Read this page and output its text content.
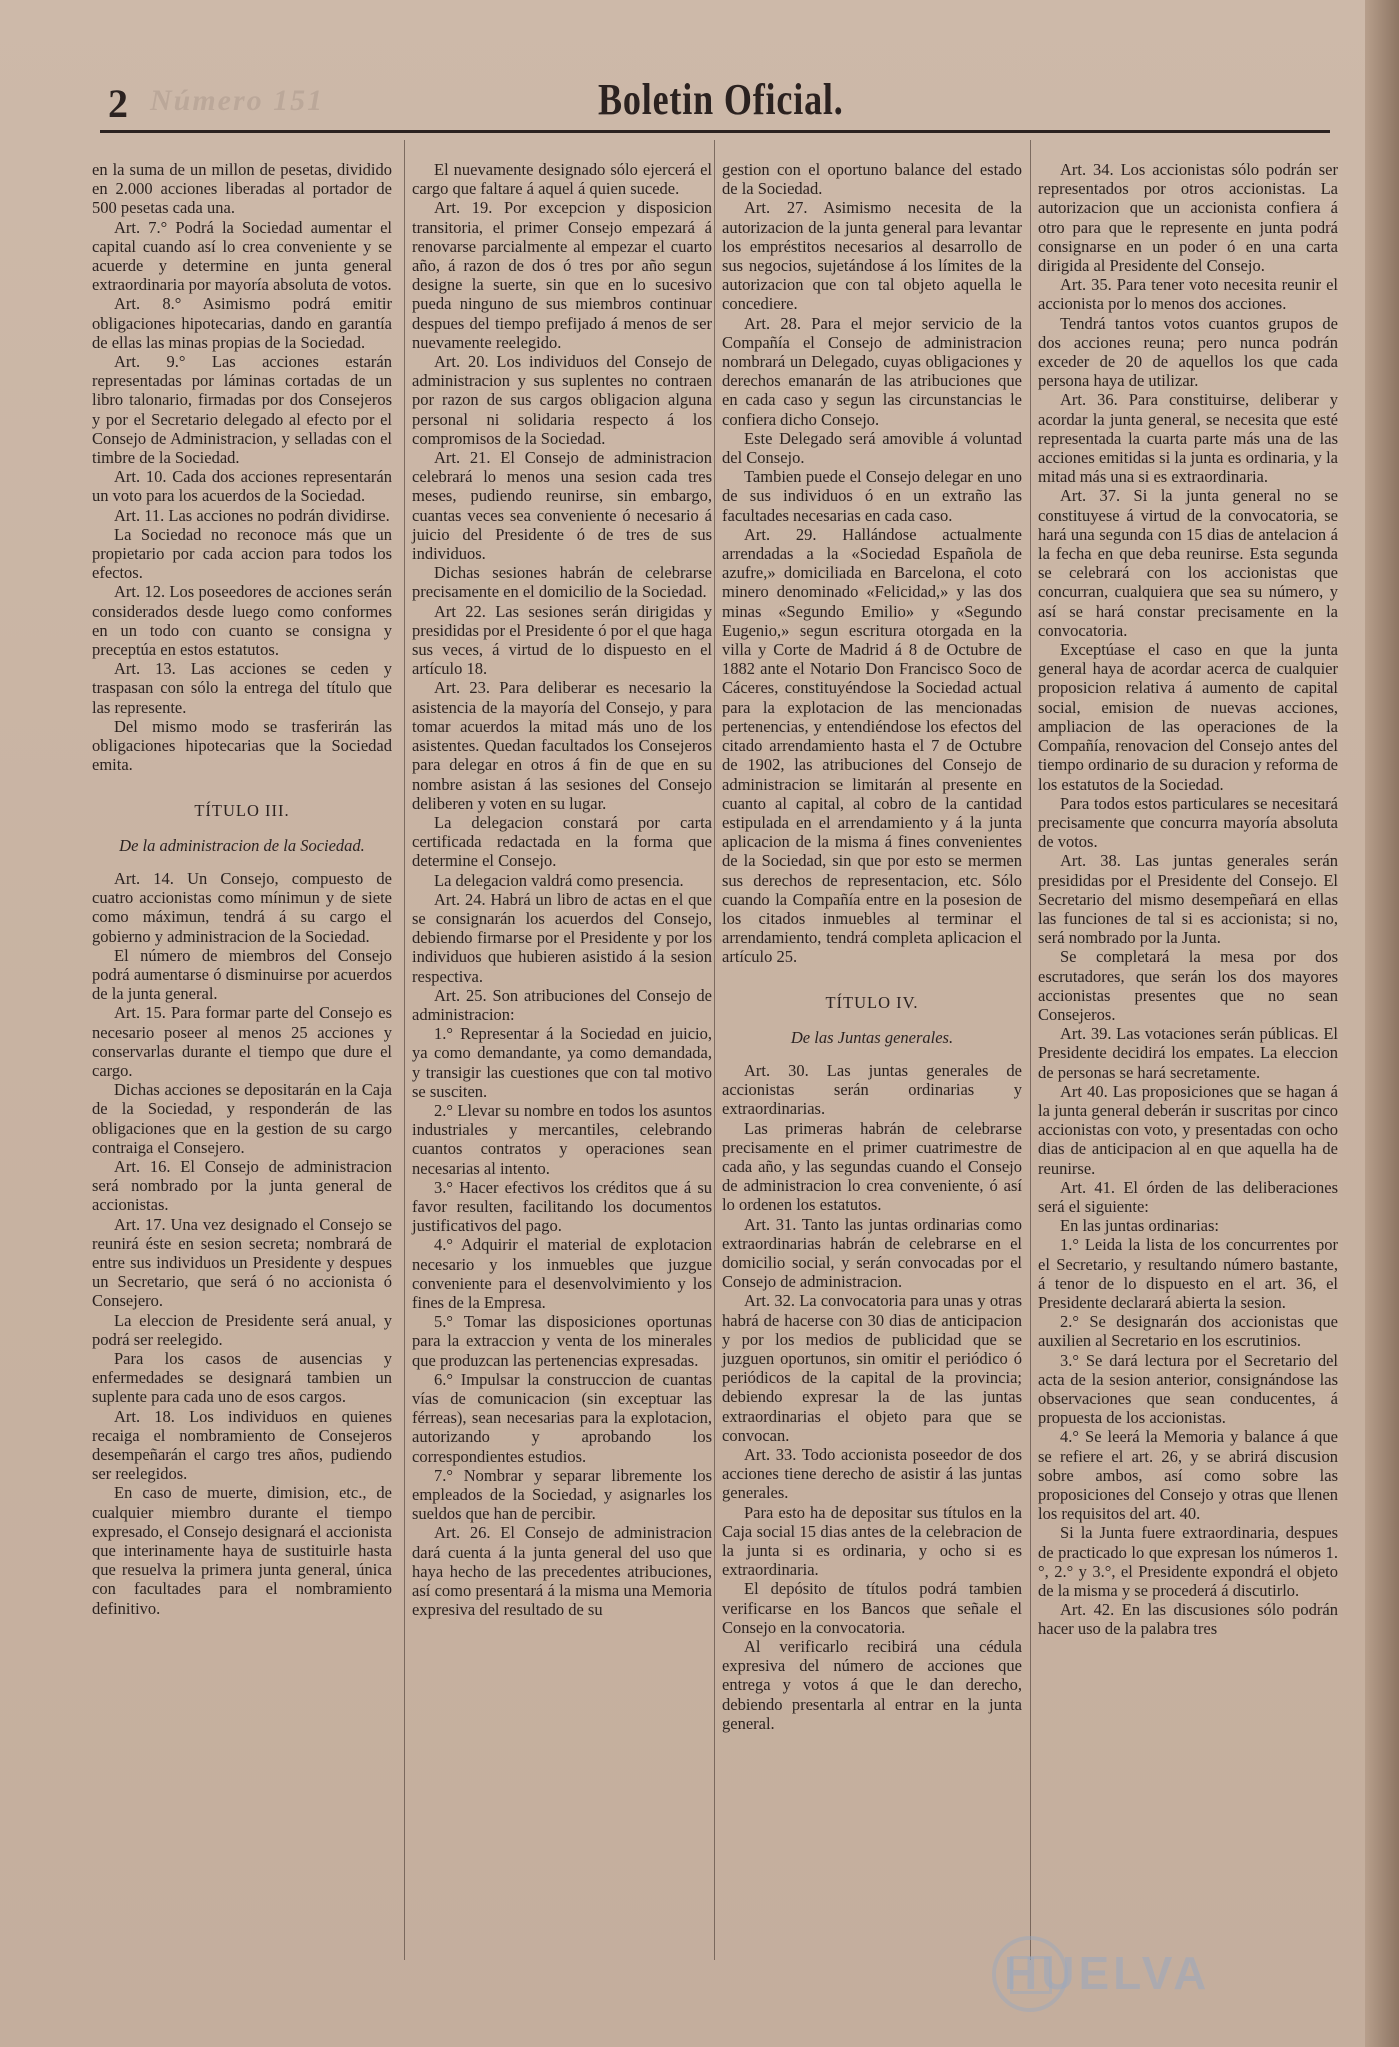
Número 151
2	Boletin Oficial.

en la suma de un millon de pesetas, dividido en 2.000 acciones liberadas al portador de 500 pesetas cada una.

Art. 7.° Podrá la Sociedad aumentar el capital cuando así lo crea conveniente y se acuerde y determine en junta general extraordinaria por mayoría absoluta de votos.

Art. 8.° Asimismo podrá emitir obligaciones hipotecarias, dando en garantía de ellas las minas propias de la Sociedad.

Art. 9.° Las acciones estarán representadas por láminas cortadas de un libro talonario, firmadas por dos Consejeros y por el Secretario delegado al efecto por el Consejo de Administracion, y selladas con el timbre de la Sociedad.

Art. 10. Cada dos acciones representarán un voto para los acuerdos de la Sociedad.

Art. 11. Las acciones no podrán dividirse.

La Sociedad no reconoce más que un propietario por cada accion para todos los efectos.

Art. 12. Los poseedores de acciones serán considerados desde luego como conformes en un todo con cuanto se consigna y preceptúa en estos estatutos.

Art. 13. Las acciones se ceden y traspasan con sólo la entrega del título que las represente.

Del mismo modo se trasferirán las obligaciones hipotecarias que la Sociedad emita.

TÍTULO III.

De la administracion de la Sociedad.

Art. 14. Un Consejo, compuesto de cuatro accionistas como mínimun y de siete como máximun, tendrá á su cargo el gobierno y administracion de la Sociedad.

El número de miembros del Consejo podrá aumentarse ó disminuirse por acuerdos de la junta general.

Art. 15. Para formar parte del Consejo es necesario poseer al menos 25 acciones y conservarlas durante el tiempo que dure el cargo.

Dichas acciones se depositarán en la Caja de la Sociedad, y responderán de las obligaciones que en la gestion de su cargo contraiga el Consejero.

Art. 16. El Consejo de administracion será nombrado por la junta general de accionistas.

Art. 17. Una vez designado el Consejo se reunirá éste en sesion secreta; nombrará de entre sus individuos un Presidente y despues un Secretario, que será ó no accionista ó Consejero.

La eleccion de Presidente será anual, y podrá ser reelegido.

Para los casos de ausencias y enfermedades se designará tambien un suplente para cada uno de esos cargos.

Art. 18. Los individuos en quienes recaiga el nombramiento de Consejeros desempeñarán el cargo tres años, pudiendo ser reelegidos.

En caso de muerte, dimision, etc., de cualquier miembro durante el tiempo expresado, el Consejo designará el accionista que interinamente haya de sustituirle hasta que resuelva la primera junta general, única con facultades para el nombramiento definitivo.

El nuevamente designado sólo ejercerá el cargo que faltare á aquel á quien sucede.

Art. 19. Por excepcion y disposicion transitoria, el primer Consejo empezará á renovarse parcialmente al empezar el cuarto año, á razon de dos ó tres por año segun designe la suerte, sin que en lo sucesivo pueda ninguno de sus miembros continuar despues del tiempo prefijado á menos de ser nuevamente reelegido.

Art. 20. Los individuos del Consejo de administracion y sus suplentes no contraen por razon de sus cargos obligacion alguna personal ni solidaria respecto á los compromisos de la Sociedad.

Art. 21. El Consejo de administracion celebrará lo menos una sesion cada tres meses, pudiendo reunirse, sin embargo, cuantas veces sea conveniente ó necesario á juicio del Presidente ó de tres de sus individuos.

Dichas sesiones habrán de celebrarse precisamente en el domicilio de la Sociedad.

Art 22. Las sesiones serán dirigidas y presididas por el Presidente ó por el que haga sus veces, á virtud de lo dispuesto en el artículo 18.

Art. 23. Para deliberar es necesario la asistencia de la mayoría del Consejo, y para tomar acuerdos la mitad más uno de los asistentes. Quedan facultados los Consejeros para delegar en otros á fin de que en su nombre asistan á las sesiones del Consejo deliberen y voten en su lugar.

La delegacion constará por carta certificada redactada en la forma que determine el Consejo.

La delegacion valdrá como presencia.

Art. 24. Habrá un libro de actas en el que se consignarán los acuerdos del Consejo, debiendo firmarse por el Presidente y por los individuos que hubieren asistido á la sesion respectiva.

Art. 25. Son atribuciones del Consejo de administracion:

1.° Representar á la Sociedad en juicio, ya como demandante, ya como demandada, y transigir las cuestiones que con tal motivo se susciten.

2.° Llevar su nombre en todos los asuntos industriales y mercantiles, celebrando cuantos contratos y operaciones sean necesarias al intento.

3.° Hacer efectivos los créditos que á su favor resulten, facilitando los documentos justificativos del pago.

4.° Adquirir el material de explotacion necesario y los inmuebles que juzgue conveniente para el desenvolvimiento y los fines de la Empresa.

5.° Tomar las disposiciones oportunas para la extraccion y venta de los minerales que produzcan las pertenencias expresadas.

6.° Impulsar la construccion de cuantas vías de comunicacion (sin exceptuar las férreas), sean necesarias para la explotacion, autorizando y aprobando los correspondientes estudios.

7.° Nombrar y separar libremente los empleados de la Sociedad, y asignarles los sueldos que han de percibir.

Art. 26. El Consejo de administracion dará cuenta á la junta general del uso que haya hecho de las precedentes atribuciones, así como presentará á la misma una Memoria expresiva del resultado de su

gestion con el oportuno balance del estado de la Sociedad.

Art. 27. Asimismo necesita de la autorizacion de la junta general para levantar los empréstitos necesarios al desarrollo de sus negocios, sujetándose á los límites de la autorizacion que con tal objeto aquella le concediere.

Art. 28. Para el mejor servicio de la Compañía el Consejo de administracion nombrará un Delegado, cuyas obligaciones y derechos emanarán de las atribuciones que en cada caso y segun las circunstancias le confiera dicho Consejo.

Este Delegado será amovible á voluntad del Consejo.

Tambien puede el Consejo delegar en uno de sus individuos ó en un extraño las facultades necesarias en cada caso.

Art. 29. Hallándose actualmente arrendadas a la «Sociedad Española de azufre,» domiciliada en Barcelona, el coto minero denominado «Felicidad,» y las dos minas «Segundo Emilio» y «Segundo Eugenio,» segun escritura otorgada en la villa y Corte de Madrid á 8 de Octubre de 1882 ante el Notario Don Francisco Soco de Cáceres, constituyéndose la Sociedad actual para la explotacion de las mencionadas pertenencias, y entendiéndose los efectos del citado arrendamiento hasta el 7 de Octubre de 1902, las atribuciones del Consejo de administracion se limitarán al presente en cuanto al capital, al cobro de la cantidad estipulada en el arrendamiento y á la junta aplicacion de la misma á fines convenientes de la Sociedad, sin que por esto se mermen sus derechos de representacion, etc. Sólo cuando la Compañía entre en la posesion de los citados inmuebles al terminar el arrendamiento, tendrá completa aplicacion el artículo 25.

TÍTULO IV.

De las Juntas generales.

Art. 30. Las juntas generales de accionistas serán ordinarias y extraordinarias.

Las primeras habrán de celebrarse precisamente en el primer cuatrimestre de cada año, y las segundas cuando el Consejo de administracion lo crea conveniente, ó así lo ordenen los estatutos.

Art. 31. Tanto las juntas ordinarias como extraordinarias habrán de celebrarse en el domicilio social, y serán convocadas por el Consejo de administracion.

Art. 32. La convocatoria para unas y otras habrá de hacerse con 30 dias de anticipacion y por los medios de publicidad que se juzguen oportunos, sin omitir el periódico ó periódicos de la capital de la provincia; debiendo expresar la de las juntas extraordinarias el objeto para que se convocan.

Art. 33. Todo accionista poseedor de dos acciones tiene derecho de asistir á las juntas generales.

Para esto ha de depositar sus títulos en la Caja social 15 dias antes de la celebracion de la junta si es ordinaria, y ocho si es extraordinaria.

El depósito de títulos podrá tambien verificarse en los Bancos que señale el Consejo en la convocatoria.

Al verificarlo recibirá una cédula expresiva del número de acciones que entrega y votos á que le dan derecho, debiendo presentarla al entrar en la junta general.

Art. 34. Los accionistas sólo podrán ser representados por otros accionistas. La autorizacion que un accionista confiera á otro para que le represente en junta podrá consignarse en un poder ó en una carta dirigida al Presidente del Consejo.

Art. 35. Para tener voto necesita reunir el accionista por lo menos dos acciones.

Tendrá tantos votos cuantos grupos de dos acciones reuna; pero nunca podrán exceder de 20 de aquellos los que cada persona haya de utilizar.

Art. 36. Para constituirse, deliberar y acordar la junta general, se necesita que esté representada la cuarta parte más una de las acciones emitidas si la junta es ordinaria, y la mitad más una si es extraordinaria.

Art. 37. Si la junta general no se constituyese á virtud de la convocatoria, se hará una segunda con 15 dias de antelacion á la fecha en que deba reunirse. Esta segunda se celebrará con los accionistas que concurran, cualquiera que sea su número, y así se hará constar precisamente en la convocatoria.

Exceptúase el caso en que la junta general haya de acordar acerca de cualquier proposicion relativa á aumento de capital social, emision de nuevas acciones, ampliacion de las operaciones de la Compañía, renovacion del Consejo antes del tiempo ordinario de su duracion y reforma de los estatutos de la Sociedad.

Para todos estos particulares se necesitará precisamente que concurra mayoría absoluta de votos.

Art. 38. Las juntas generales serán presididas por el Presidente del Consejo. El Secretario del mismo desempeñará en ellas las funciones de tal si es accionista; si no, será nombrado por la Junta.

Se completará la mesa por dos escrutadores, que serán los dos mayores accionistas presentes que no sean Consejeros.

Art. 39. Las votaciones serán públicas. El Presidente decidirá los empates. La eleccion de personas se hará secretamente.

Art 40. Las proposiciones que se hagan á la junta general deberán ir suscritas por cinco accionistas con voto, y presentadas con ocho dias de anticipacion al en que aquella ha de reunirse.

Art. 41. El órden de las deliberaciones será el siguiente:

En las juntas ordinarias:

1.° Leida la lista de los concurrentes por el Secretario, y resultando número bastante, á tenor de lo dispuesto en el art. 36, el Presidente declarará abierta la sesion.

2.° Se designarán dos accionistas que auxilien al Secretario en los escrutinios.

3.° Se dará lectura por el Secretario del acta de la sesion anterior, consignándose las observaciones que sean conducentes, á propuesta de los accionistas.

4.° Se leerá la Memoria y balance á que se refiere el art. 26, y se abrirá discusion sobre ambos, así como sobre las proposiciones del Consejo y otras que llenen los requisitos del art. 40.

Si la Junta fuere extraordinaria, despues de practicado lo que expresan los números 1.°, 2.° y 3.°, el Presidente expondrá el objeto de la misma y se procederá á discutirlo.

Art. 42. En las discusiones sólo podrán hacer uso de la palabra tres

HUELVA
